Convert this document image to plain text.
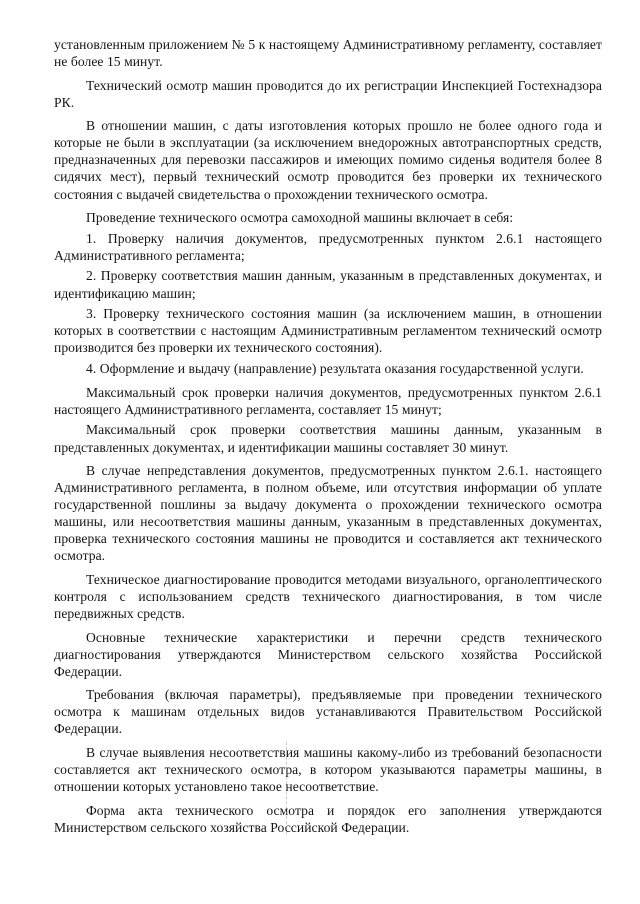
установленным приложением № 5 к настоящему Административному регламенту, составляет не более 15 минут.

Технический осмотр машин проводится до их регистрации Инспекцией Гостехнадзора РК.

В отношении машин, с даты изготовления которых прошло не более одного года и которые не были в эксплуатации (за исключением внедорожных автотранспортных средств, предназначенных для перевозки пассажиров и имеющих помимо сиденья водителя более 8 сидячих мест), первый технический осмотр проводится без проверки их технического состояния с выдачей свидетельства о прохождении технического осмотра.

Проведение технического осмотра самоходной машины включает в себя:

1. Проверку наличия документов, предусмотренных пунктом 2.6.1 настоящего Административного регламента;

2. Проверку соответствия машин данным, указанным в представленных документах, и идентификацию машин;

3. Проверку технического состояния машин (за исключением машин, в отношении которых в соответствии с настоящим Административным регламентом технический осмотр производится без проверки их технического состояния).

4. Оформление и выдачу (направление) результата оказания государственной услуги.

Максимальный срок проверки наличия документов, предусмотренных пунктом 2.6.1 настоящего Административного регламента, составляет 15 минут;

Максимальный срок проверки соответствия машины данным, указанным в представленных документах, и идентификации машины составляет 30 минут.

В случае непредставления документов, предусмотренных пунктом 2.6.1. настоящего Административного регламента, в полном объеме, или отсутствия информации об уплате государственной пошлины за выдачу документа о прохождении технического осмотра машины, или несоответствия машины данным, указанным в представленных документах, проверка технического состояния машины не проводится и составляется акт технического осмотра.

Техническое диагностирование проводится методами визуального, органолептического контроля с использованием средств технического диагностирования, в том числе передвижных средств.

Основные технические характеристики и перечни средств технического диагностирования утверждаются Министерством сельского хозяйства Российской Федерации.

Требования (включая параметры), предъявляемые при проведении технического осмотра к машинам отдельных видов устанавливаются Правительством Российской Федерации.

В случае выявления несоответствия машины какому-либо из требований безопасности составляется акт технического осмотра, в котором указываются параметры машины, в отношении которых установлено такое несоответствие.

Форма акта технического осмотра и порядок его заполнения утверждаются Министерством сельского хозяйства Российской Федерации.
